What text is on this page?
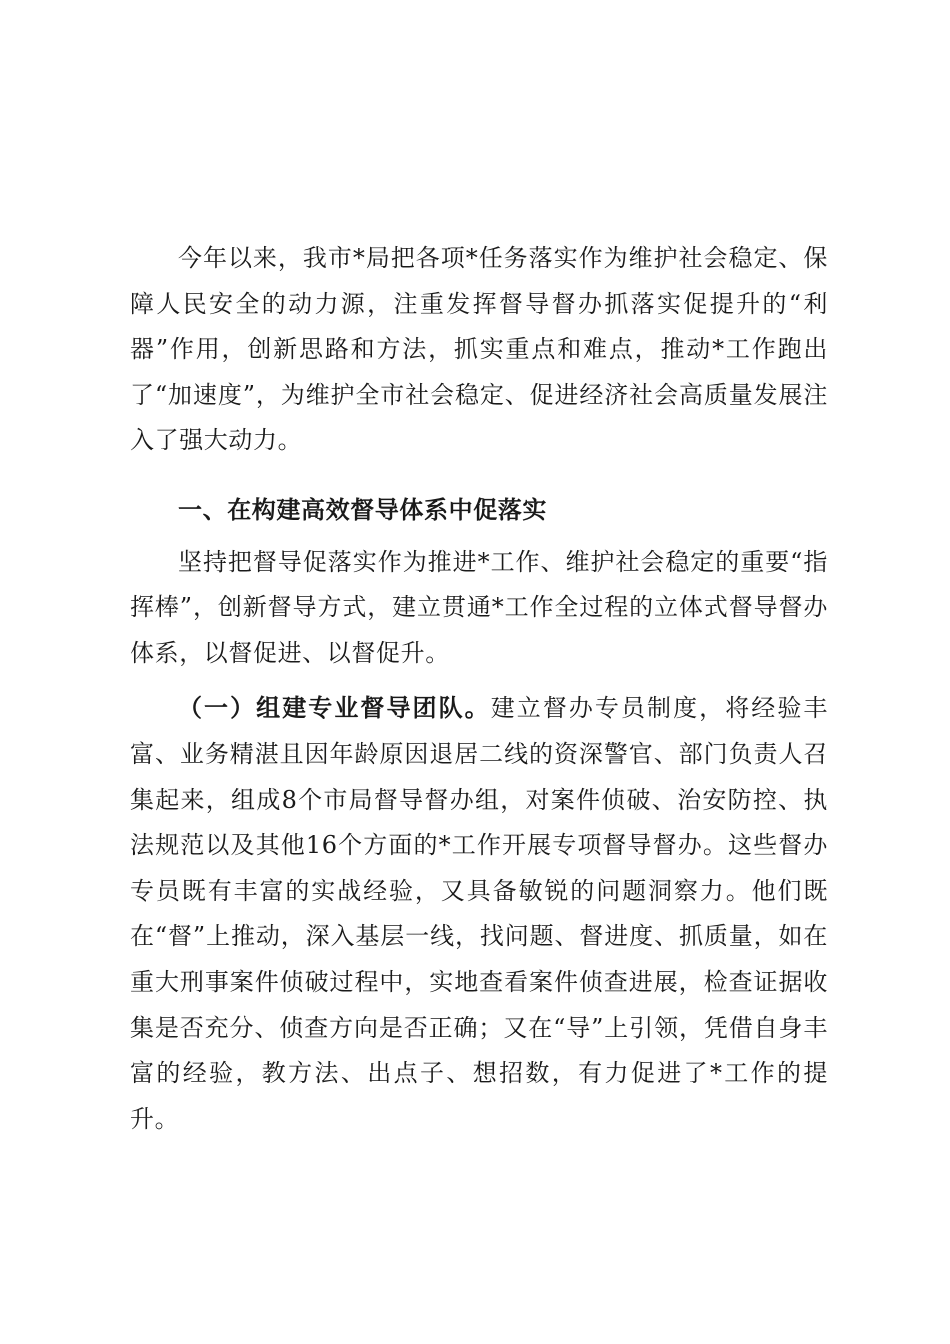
今年以来，我市*局把各项*任务落实作为维护社会稳定、保障人民安全的动力源，注重发挥督导督办抓落实促提升的“利器”作用，创新思路和方法，抓实重点和难点，推动*工作跑出了“加速度”，为维护全市社会稳定、促进经济社会高质量发展注入了强大动力。

一、在构建高效督导体系中促落实

坚持把督导促落实作为推进*工作、维护社会稳定的重要“指挥棒”，创新督导方式，建立贯通*工作全过程的立体式督导督办体系，以督促进、以督促升。

（一）组建专业督导团队。建立督办专员制度，将经验丰富、业务精湛且因年龄原因退居二线的资深警官、部门负责人召集起来，组成8个市局督导督办组，对案件侦破、治安防控、执法规范以及其他16个方面的*工作开展专项督导督办。这些督办专员既有丰富的实战经验，又具备敏锐的问题洞察力。他们既在“督”上推动，深入基层一线，找问题、督进度、抓质量，如在重大刑事案件侦破过程中，实地查看案件侦查进展，检查证据收集是否充分、侦查方向是否正确；又在“导”上引领，凭借自身丰富的经验，教方法、出点子、想招数，有力促进了*工作的提升。
